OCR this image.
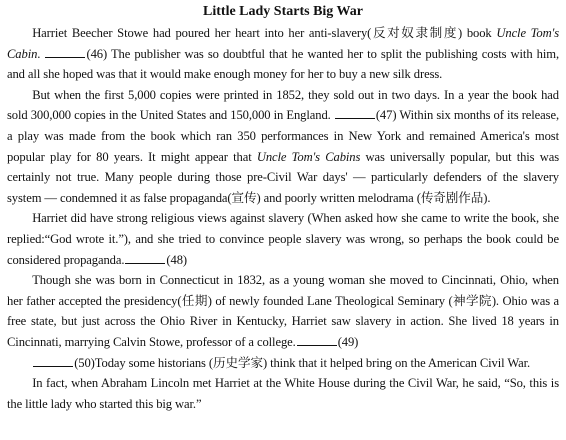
Little Lady Starts Big War

Harriet Beecher Stowe had poured her heart into her anti-slavery(反对奴隶制度) book Uncle Tom's Cabin.	(46) The publisher was so doubtful that he wanted her to split the publishing costs with him, and all she hoped was that it would make enough money for her to buy a new silk dress.

But when the first 5,000 copies were printed in 1852, they sold out in two days. In a year the book had sold 300,000 copies in the United States and 150,000 in England.	(47) Within six months of its release, a play was made from the book which ran 350 performances in New York and remained America's most popular play for 80 years. It might appear that Uncle Tom's Cabins was universally popular, but this was certainly not true. Many people during those pre-Civil War days' — particularly defenders of the slavery system — condemned it as false propaganda(宣传) and poorly written melodrama (传奇剧作品).

Harriet did have strong religious views against slavery (When asked how she came to write the book, she replied:“God wrote it.”), and she tried to convince people slavery was wrong, so perhaps the book could be considered propaganda.	(48)

Though she was born in Connecticut in 1832, as a young woman she moved to Cincinnati, Ohio, when her father accepted the presidency(任期) of newly founded Lane Theological Seminary (神学院). Ohio was a free state, but just across the Ohio River in Kentucky, Harriet saw slavery in action. She lived 18 years in Cincinnati, marrying Calvin Stowe, professor of a college.	(49)

(50)Today some historians (历史学家) think that it helped bring on the American Civil War.

In fact, when Abraham Lincoln met Harriet at the White House during the Civil War, he said, “So, this is the little lady who started this big war.”
